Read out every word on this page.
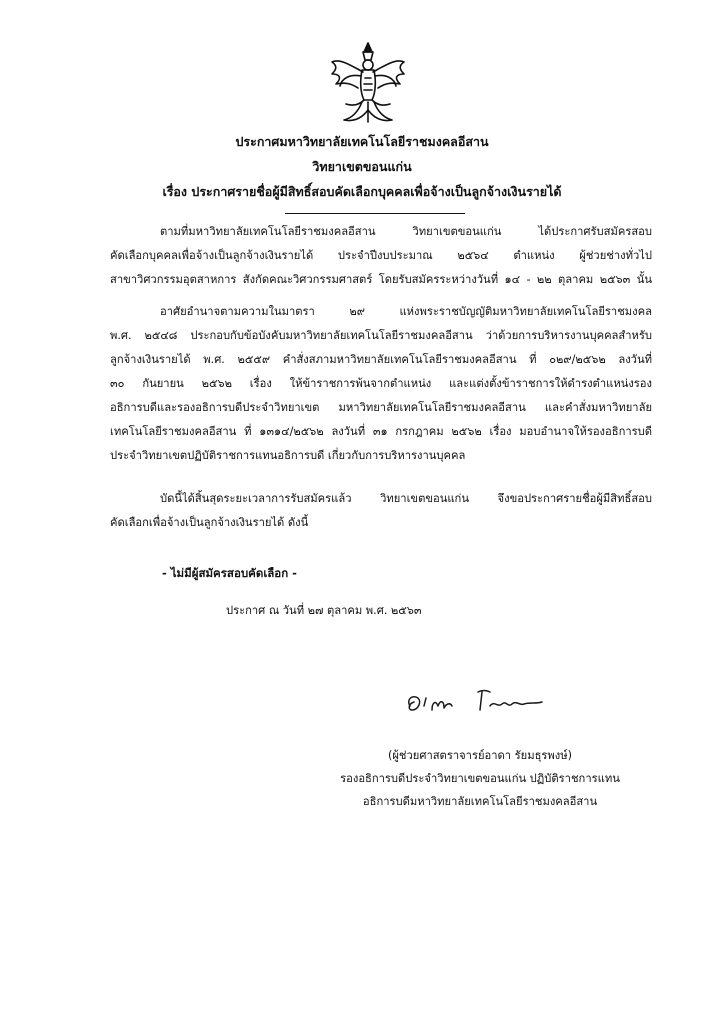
ประกาศมหาวิทยาลัยเทคโนโลยีราชมงคลอีสาน
วิทยาเขตขอนแก่น
เรื่อง ประกาศรายชื่อผู้มีสิทธิ์สอบคัดเลือกบุคคลเพื่อจ้างเป็นลูกจ้างเงินรายได้
ตามที่มหาวิทยาลัยเทคโนโลยีราชมงคลอีสาน วิทยาเขตขอนแก่น ได้ประกาศรับสมัครสอบ
คัดเลือกบุคคลเพื่อจ้างเป็นลูกจ้างเงินรายได้ ประจำปีงบประมาณ ๒๕๖๔ ตำแหน่ง ผู้ช่วยช่างทั่วไป
สาขาวิศวกรรมอุตสาหการ สังกัดคณะวิศวกรรมศาสตร์ โดยรับสมัครระหว่างวันที่ ๑๔ - ๒๒ ตุลาคม ๒๕๖๓ นั้น
อาศัยอำนาจตามความในมาตรา ๒๙ แห่งพระราชบัญญัติมหาวิทยาลัยเทคโนโลยีราชมงคล
พ.ศ. ๒๕๔๘ ประกอบกับข้อบังคับมหาวิทยาลัยเทคโนโลยีราชมงคลอีสาน ว่าด้วยการบริหารงานบุคคลสำหรับ
ลูกจ้างเงินรายได้ พ.ศ. ๒๕๕๙ คำสั่งสภามหาวิทยาลัยเทคโนโลยีราชมงคลอีสาน ที่ ๐๒๙/๒๕๖๒ ลงวันที่
๓๐ กันยายน ๒๕๖๒ เรื่อง ให้ข้าราชการพ้นจากตำแหน่ง และแต่งตั้งข้าราชการให้ดำรงตำแหน่งรอง
อธิการบดีและรองอธิการบดีประจำวิทยาเขต มหาวิทยาลัยเทคโนโลยีราชมงคลอีสาน และคำสั่งมหาวิทยาลัย
เทคโนโลยีราชมงคลอีสาน ที่ ๑๓๑๔/๒๕๖๒ ลงวันที่ ๓๑ กรกฎาคม ๒๕๖๒ เรื่อง มอบอำนาจให้รองอธิการบดี
ประจำวิทยาเขตปฏิบัติราชการแทนอธิการบดี เกี่ยวกับการบริหารงานบุคคล
บัดนี้ได้สิ้นสุดระยะเวลาการรับสมัครแล้ว วิทยาเขตขอนแก่น จึงขอประกาศรายชื่อผู้มีสิทธิ์สอบ
คัดเลือกเพื่อจ้างเป็นลูกจ้างเงินรายได้ ดังนี้
- ไม่มีผู้สมัครสอบคัดเลือก -
ประกาศ ณ วันที่ ๒๗ ตุลาคม พ.ศ. ๒๕๖๓
(ผู้ช่วยศาสตราจารย์อาดา รัยมธุรพงษ์)
รองอธิการบดีประจำวิทยาเขตขอนแก่น ปฏิบัติราชการแทน
อธิการบดีมหาวิทยาลัยเทคโนโลยีราชมงคลอีสาน
